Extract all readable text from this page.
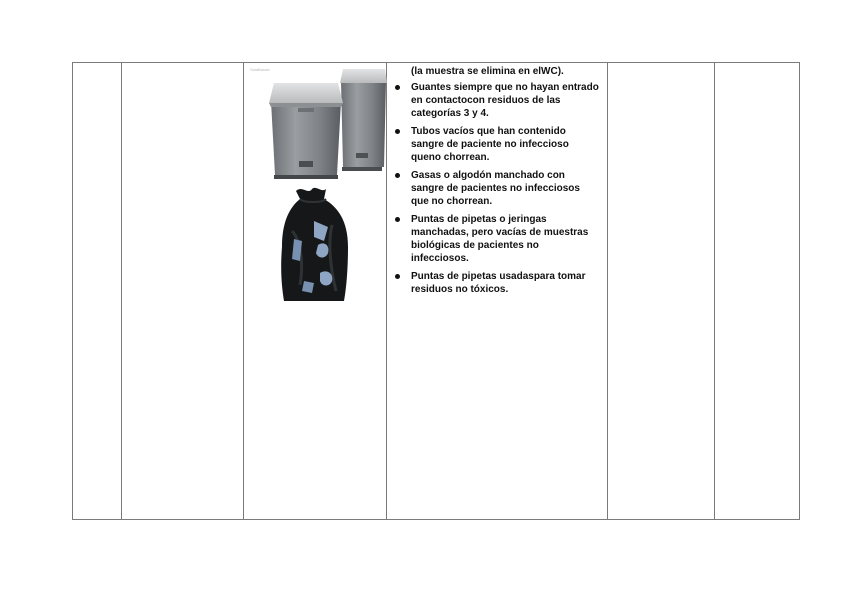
SalaBanda	(la muestra se elimina en elWC).

Guantes siempre que no hayan entrado en contactocon residuos de las categorías 3 y 4.
Tubos vacíos que han contenido sangre de paciente no infeccioso queno chorrean.
Gasas o algodón manchado con sangre de pacientes no infecciosos que no chorrean.
Puntas de pipetas o jeringas manchadas, pero vacías de muestras biológicas de pacientes no infecciosos.
Puntas de pipetas usadaspara tomar residuos no tóxicos.
